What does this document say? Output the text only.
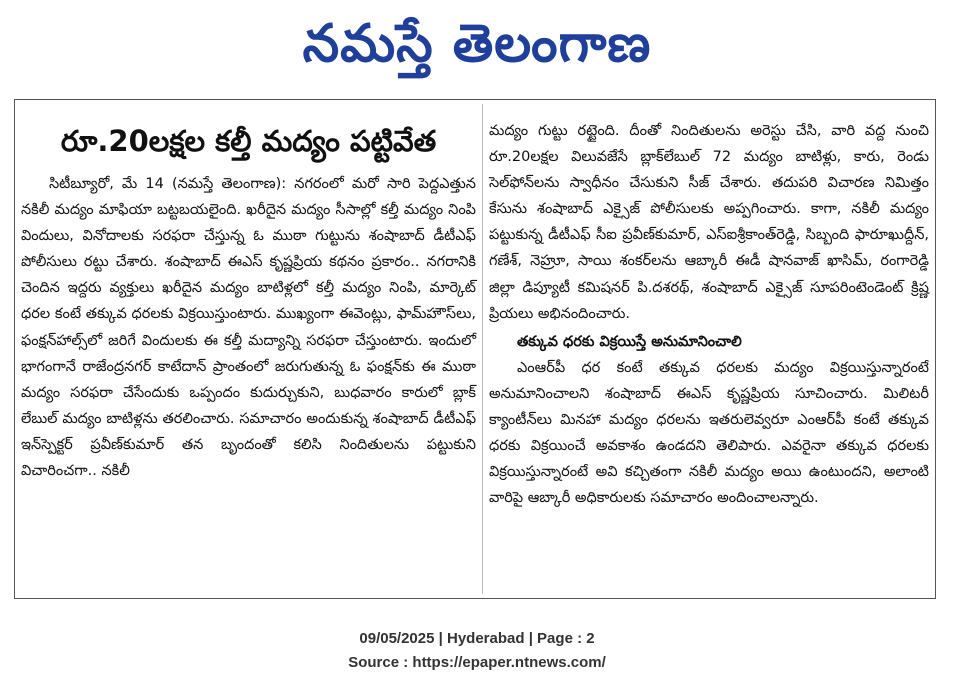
నమస్తే తెలంగాణ
రూ.20లక్షల కల్తీ మద్యం పట్టివేత

సిటీబ్యూరో, మే 14 (నమస్తే తెలంగాణ): నగరంలో మరో సారి పెద్దఎత్తున నకిలీ మద్యం మాఫియా బట్టబయలైంది. ఖరీదైన మద్యం సీసాల్లో కల్తీ మద్యం నింపి విందులు, వినోదాలకు సరఫరా చేస్తున్న ఓ ముఠా గుట్టును శంషాబాద్ డీటీఎఫ్ పోలీసులు రట్టు చేశారు. శంషాబాద్ ఈఎస్ కృష్ణప్రియ కథనం ప్రకారం.. నగరానికి చెందిన ఇద్దరు వ్యక్తులు ఖరీదైన మద్యం బాటిళ్లలో కల్తీ మద్యం నింపి, మార్కెట్ ధరల కంటే తక్కువ ధరలకు విక్రయిస్తుంటారు. ముఖ్యంగా ఈవెంట్లు, ఫామ్‌హౌస్‌లు, ఫంక్షన్‌హాల్స్‌లో జరిగే విందులకు ఈ కల్తీ మద్యాన్ని సరఫరా చేస్తుంటారు. ఇందులో భాగంగానే రాజేంద్రనగర్ కాటేదాన్ ప్రాంతంలో జరుగుతున్న ఓ ఫంక్షన్‌కు ఈ ముఠా మద్యం సరఫరా చేసేందుకు ఒప్పందం కుదుర్చుకుని, బుధవారం కారులో బ్లాక్ లేబుల్ మద్యం బాటిళ్లను తరలించారు. సమాచారం అందుకున్న శంషాబాద్ డీటీఎఫ్ ఇన్‌స్పెక్టర్ ప్రవీణ్‌కుమార్ తన బృందంతో కలిసి నిందితులను పట్టుకుని విచారించగా.. నకిలీ

మద్యం గుట్టు రట్టైంది. దీంతో నిందితులను అరెస్టు చేసి, వారి వద్ద నుంచి రూ.20లక్షల విలువజేసే బ్లాక్‌లేబుల్ 72 మద్యం బాటిళ్లు, కారు, రెండు సెల్‌ఫోన్‌లను స్వాధీనం చేసుకుని సీజ్ చేశారు. తదుపరి విచారణ నిమిత్తం కేసును శంషాబాద్ ఎక్సైజ్ పోలీసులకు అప్పగించారు. కాగా, నకిలీ మద్యం పట్టుకున్న డీటీఎఫ్ సీఐ ప్రవీణ్‌కుమార్, ఎస్ఐశ్రీకాంత్‌రెడ్డి, సిబ్బంది ఫారూఖుద్దీన్, గణేశ్, నెహ్రూ, సాయి శంకర్‌లను ఆబ్కారీ ఈడీ షానవాజ్ ఖాసిమ్, రంగారెడ్డి జిల్లా డిప్యూటీ కమిషనర్ పి.దశరథ్, శంషాబాద్ ఎక్సైజ్ సూపరింటెండెంట్ క్రిష్ణ ప్రియలు అభినందించారు.

తక్కువ ధరకు విక్రయిస్తే అనుమానించాలి

ఎంఆర్‌పీ ధర కంటే తక్కువ ధరలకు మద్యం విక్రయిస్తున్నారంటే అనుమానించాలని శంషాబాద్ ఈఎస్ కృష్ణప్రియ సూచించారు. మిలిటరీ క్యాంటీన్‌లు మినహా మద్యం ధరలను ఇతరులెవ్వరూ ఎంఆర్‌పీ కంటే తక్కువ ధరకు విక్రయించే అవకాశం ఉండదని తెలిపారు. ఎవరైనా తక్కువ ధరలకు విక్రయిస్తున్నారంటే అవి కచ్చితంగా నకిలీ మద్యం అయి ఉంటుందని, అలాంటి వారిపై ఆబ్కారీ అధికారులకు సమాచారం అందించాలన్నారు.

09/05/2025 | Hyderabad | Page : 2
Source : https://epaper.ntnews.com/
